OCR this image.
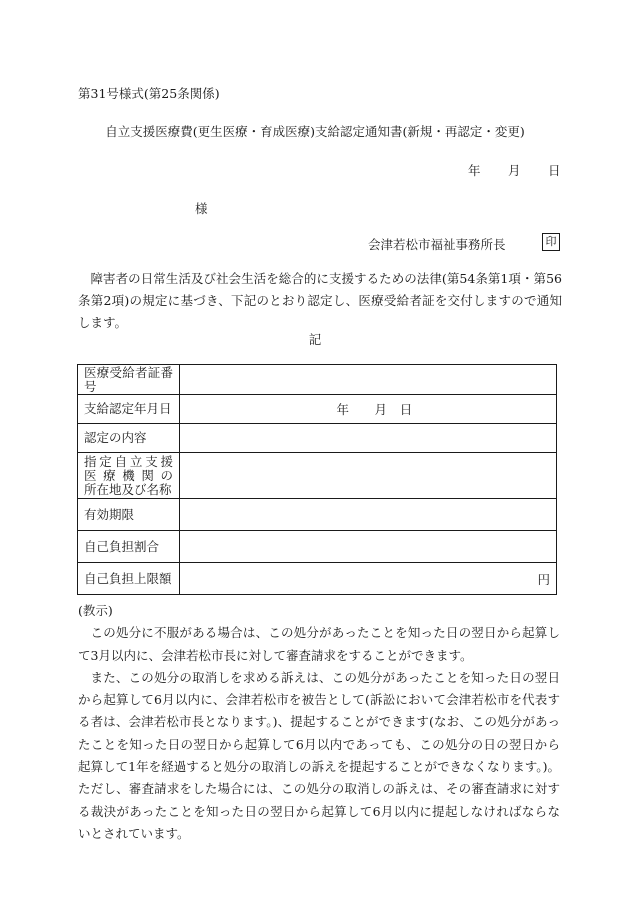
第31号様式(第25条関係)
自立支援医療費(更生医療・育成医療)支給認定通知書(新規・再認定・変更)
年 月 日
様
会津若松市福祉事務所長	印
障害者の日常生活及び社会生活を総合的に支援するための法律(第54条第1項・第56条第2項)の規定に基づき、下記のとおり認定し、医療受給者証を交付しますので通知します。
記
医療受給者証番号	

支給認定年月日	年 月 日
認定の内容	

指定自立支援
医療機関の
所在地及び名称	

有効期限	
自己負担割合	
自己負担上限額	円

(教示)

この処分に不服がある場合は、この処分があったことを知った日の翌日から起算して3月以内に、会津若松市長に対して審査請求をすることができます。

また、この処分の取消しを求める訴えは、この処分があったことを知った日の翌日から起算して6月以内に、会津若松市を被告として(訴訟において会津若松市を代表する者は、会津若松市長となります。)、提起することができます(なお、この処分があったことを知った日の翌日から起算して6月以内であっても、この処分の日の翌日から起算して1年を経過すると処分の取消しの訴えを提起することができなくなります。)。ただし、審査請求をした場合には、この処分の取消しの訴えは、その審査請求に対する裁決があったことを知った日の翌日から起算して6月以内に提起しなければならないとされています。
